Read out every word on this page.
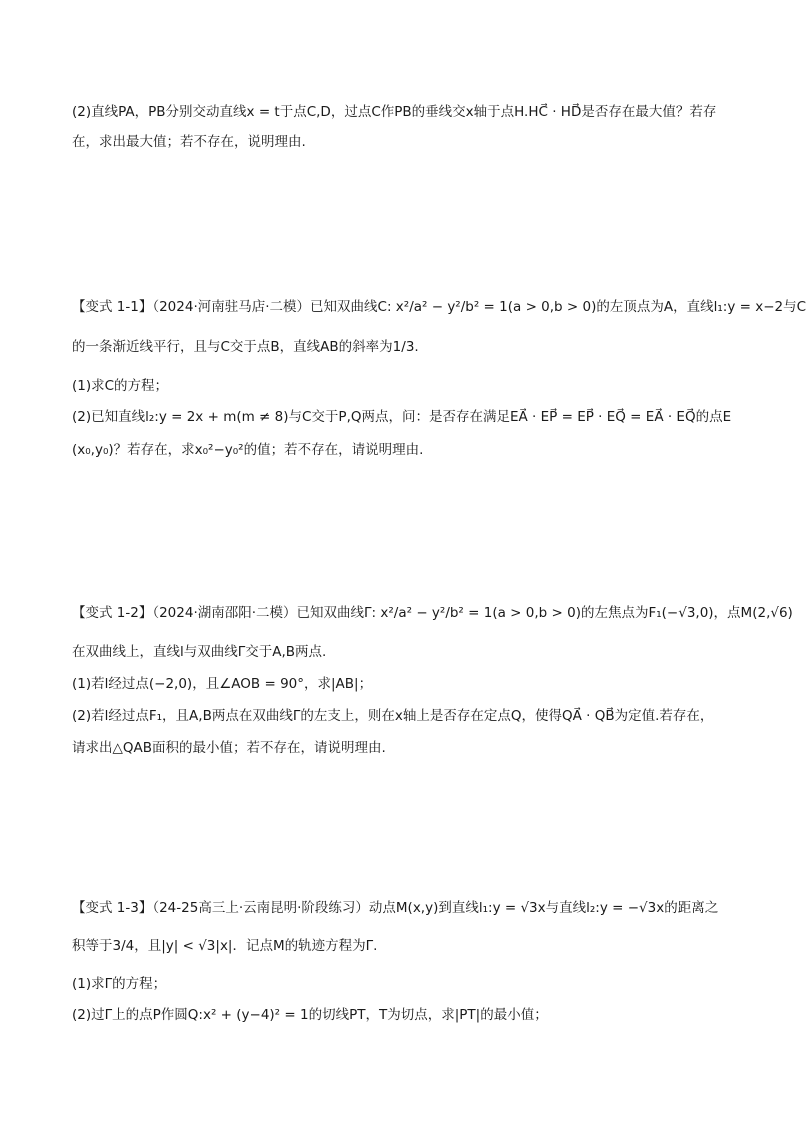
(2)直线PA，PB分别交动直线x = t于点C,D，过点C作PB的垂线交x轴于点H.HC⃗ · HD⃗是否存在最大值？若存
在，求出最大值；若不存在，说明理由.
【变式 1-1】（2024·河南驻马店·二模）已知双曲线C: x²/a² − y²/b² = 1(a > 0,b > 0)的左顶点为A，直线l₁:y = x−2与C
的一条渐近线平行，且与C交于点B，直线AB的斜率为1/3.
(1)求C的方程；
(2)已知直线l₂:y = 2x + m(m ≠ 8)与C交于P,Q两点，问：是否存在满足EA⃗ · EP⃗ = EP⃗ · EQ⃗ = EA⃗ · EQ⃗的点E
(x₀,y₀)？若存在，求x₀²−y₀²的值；若不存在，请说明理由.
【变式 1-2】（2024·湖南邵阳·二模）已知双曲线Γ: x²/a² − y²/b² = 1(a > 0,b > 0)的左焦点为F₁(−√3,0)，点M(2,√6)
在双曲线上，直线l与双曲线Γ交于A,B两点.
(1)若l经过点(−2,0)，且∠AOB = 90°，求|AB|；
(2)若l经过点F₁，且A,B两点在双曲线Γ的左支上，则在x轴上是否存在定点Q，使得QA⃗ · QB⃗为定值.若存在，
请求出△QAB面积的最小值；若不存在，请说明理由.
【变式 1-3】（24-25高三上·云南昆明·阶段练习）动点M(x,y)到直线l₁:y = √3x与直线l₂:y = −√3x的距离之
积等于3/4，且|y| < √3|x|．记点M的轨迹方程为Γ.
(1)求Γ的方程；
(2)过Γ上的点P作圆Q:x² + (y−4)² = 1的切线PT，T为切点，求|PT|的最小值；
